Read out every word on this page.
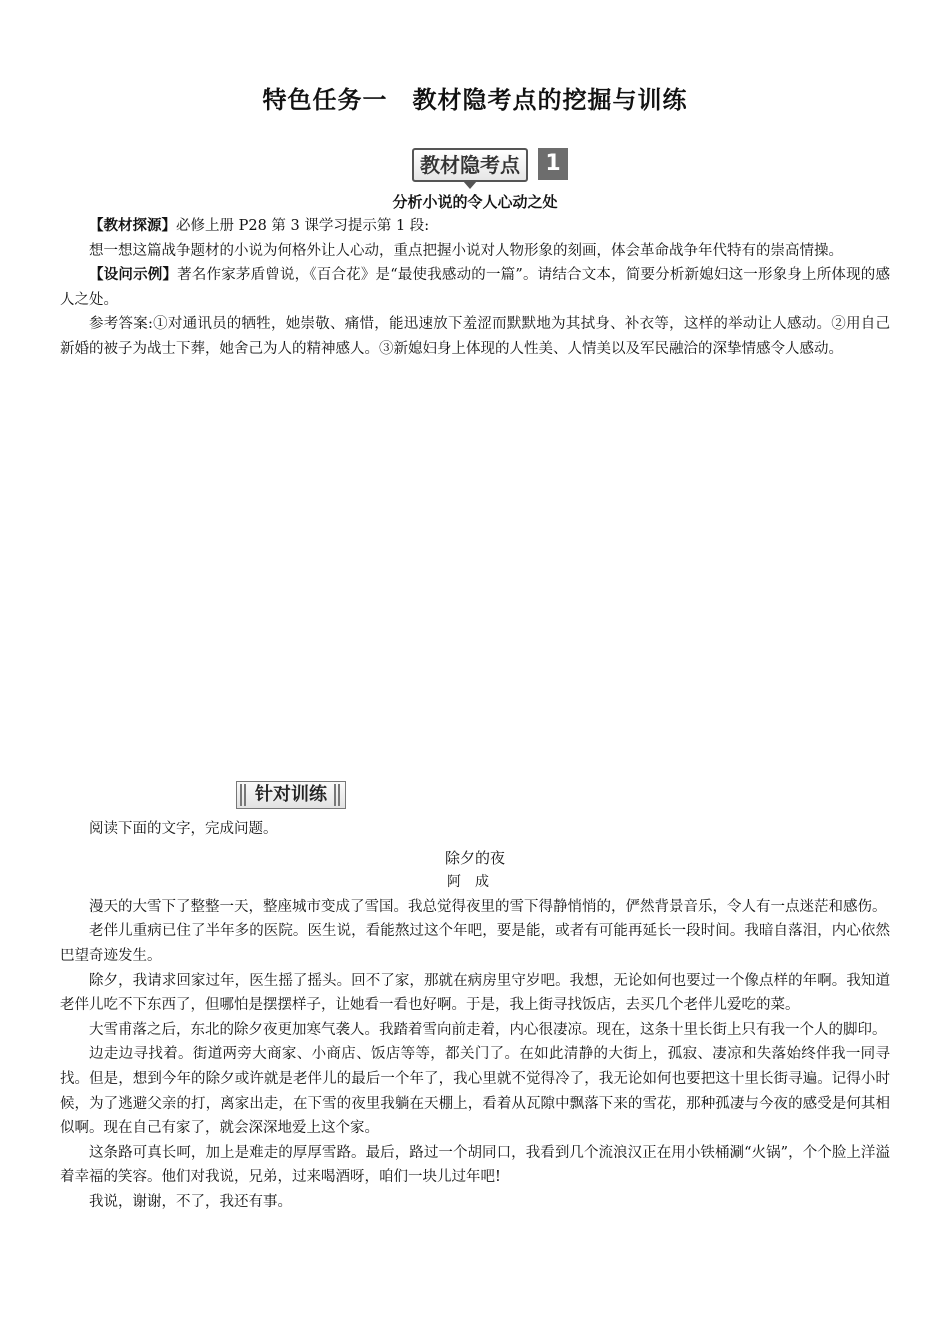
特色任务一　教材隐考点的挖掘与训练
教材隐考点 1
分析小说的令人心动之处

【教材探源】必修上册 P28 第 3 课学习提示第 1 段:

想一想这篇战争题材的小说为何格外让人心动，重点把握小说对人物形象的刻画，体会革命战争年代特有的崇高情操。

【设问示例】著名作家茅盾曾说，《百合花》是“最使我感动的一篇”。请结合文本，简要分析新媳妇这一形象身上所体现的感人之处。

参考答案:①对通讯员的牺牲，她崇敬、痛惜，能迅速放下羞涩而默默地为其拭身、补衣等，这样的举动让人感动。②用自己新婚的被子为战士下葬，她舍己为人的精神感人。③新媳妇身上体现的人性美、人情美以及军民融洽的深挚情感令人感动。

针对训练

阅读下面的文字，完成问题。

除夕的夜

阿成

漫天的大雪下了整整一天，整座城市变成了雪国。我总觉得夜里的雪下得静悄悄的，俨然背景音乐，令人有一点迷茫和感伤。

老伴儿重病已住了半年多的医院。医生说，看能熬过这个年吧，要是能，或者有可能再延长一段时间。我暗自落泪，内心依然巴望奇迹发生。

除夕，我请求回家过年，医生摇了摇头。回不了家，那就在病房里守岁吧。我想，无论如何也要过一个像点样的年啊。我知道老伴儿吃不下东西了，但哪怕是摆摆样子，让她看一看也好啊。于是，我上街寻找饭店，去买几个老伴儿爱吃的菜。

大雪甫落之后，东北的除夕夜更加寒气袭人。我踏着雪向前走着，内心很凄凉。现在，这条十里长街上只有我一个人的脚印。

边走边寻找着。街道两旁大商家、小商店、饭店等等，都关门了。在如此清静的大街上，孤寂、凄凉和失落始终伴我一同寻找。但是，想到今年的除夕或许就是老伴儿的最后一个年了，我心里就不觉得冷了，我无论如何也要把这十里长街寻遍。记得小时候，为了逃避父亲的打，离家出走，在下雪的夜里我躺在天棚上，看着从瓦隙中飘落下来的雪花，那种孤凄与今夜的感受是何其相似啊。现在自己有家了，就会深深地爱上这个家。

这条路可真长呵，加上是难走的厚厚雪路。最后，路过一个胡同口，我看到几个流浪汉正在用小铁桶涮“火锅”，个个脸上洋溢着幸福的笑容。他们对我说，兄弟，过来喝酒呀，咱们一块儿过年吧!

我说，谢谢，不了，我还有事。
